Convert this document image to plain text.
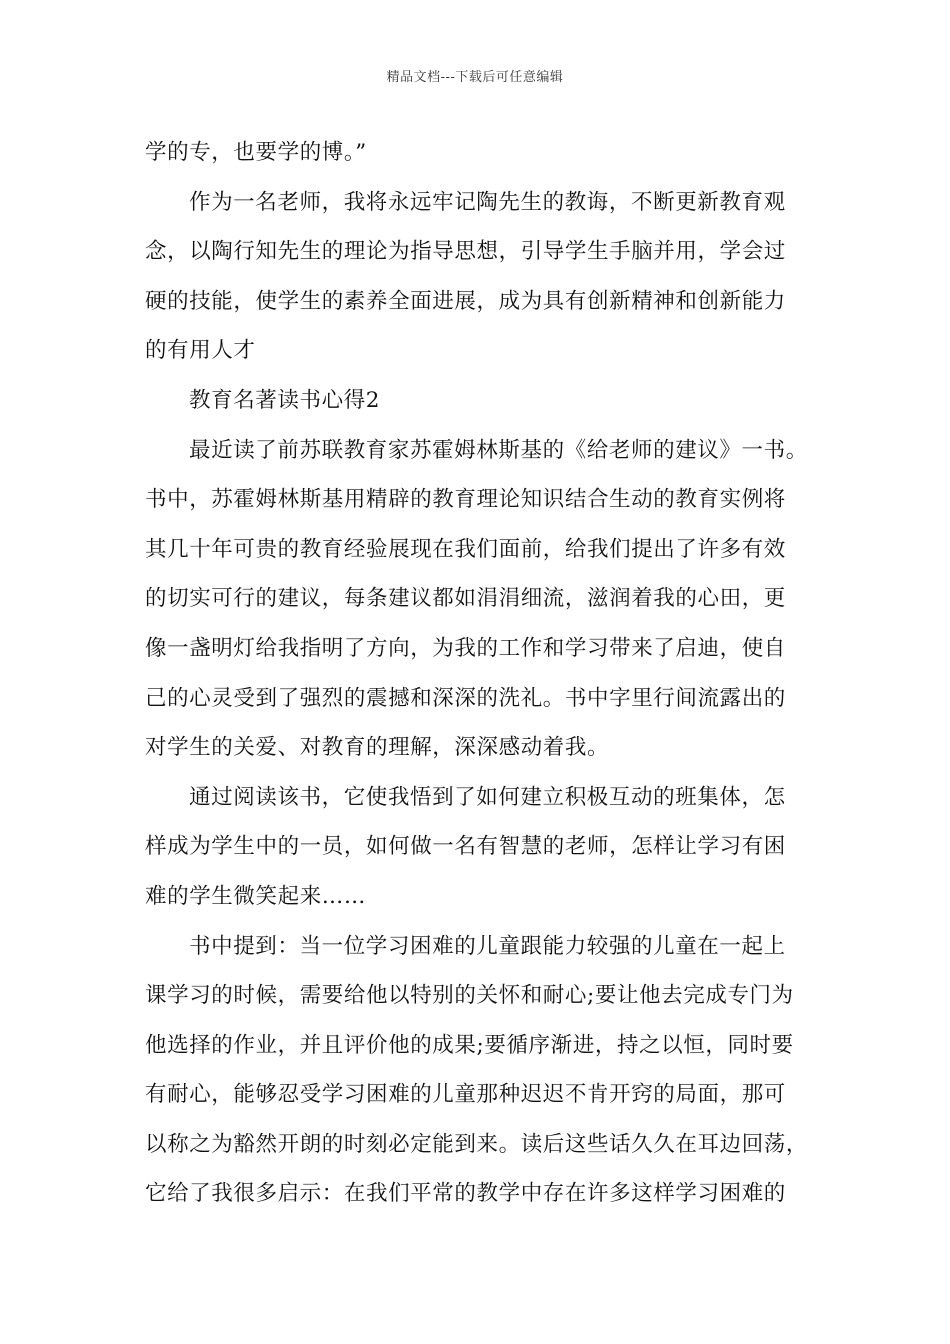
精品文档---下载后可任意编辑
学的专，也要学的博。”
作为一名老师，我将永远牢记陶先生的教诲，不断更新教育观
念，以陶行知先生的理论为指导思想，引导学生手脑并用，学会过
硬的技能，使学生的素养全面进展，成为具有创新精神和创新能力
的有用人才
教育名著读书心得2
最近读了前苏联教育家苏霍姆林斯基的《给老师的建议》一书。
书中，苏霍姆林斯基用精辟的教育理论知识结合生动的教育实例将
其几十年可贵的教育经验展现在我们面前，给我们提出了许多有效
的切实可行的建议，每条建议都如涓涓细流，滋润着我的心田，更
像一盏明灯给我指明了方向，为我的工作和学习带来了启迪，使自
己的心灵受到了强烈的震撼和深深的洗礼。书中字里行间流露出的
对学生的关爱、对教育的理解，深深感动着我。
通过阅读该书，它使我悟到了如何建立积极互动的班集体，怎
样成为学生中的一员，如何做一名有智慧的老师，怎样让学习有困
难的学生微笑起来……
书中提到：当一位学习困难的儿童跟能力较强的儿童在一起上
课学习的时候，需要给他以特别的关怀和耐心;要让他去完成专门为
他选择的作业，并且评价他的成果;要循序渐进，持之以恒，同时要
有耐心，能够忍受学习困难的儿童那种迟迟不肯开窍的局面，那可
以称之为豁然开朗的时刻必定能到来。读后这些话久久在耳边回荡，
它给了我很多启示：在我们平常的教学中存在许多这样学习困难的
